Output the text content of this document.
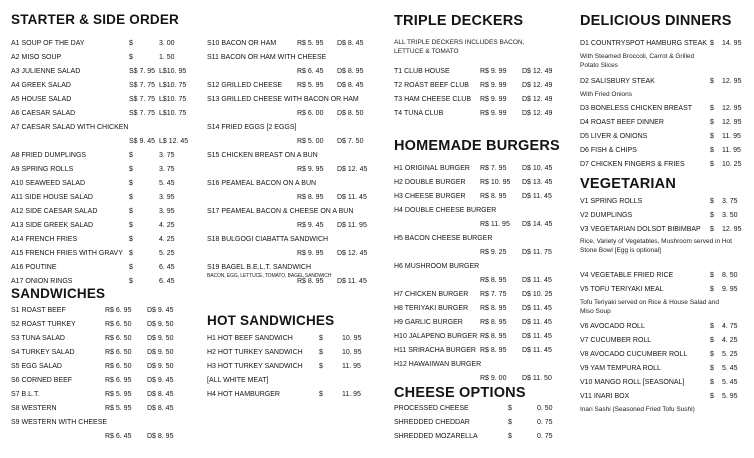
STARTER & SIDE ORDER
A1 SOUP OF THE DAY	$	3. 00
A2 MISO SOUP	$	1. 50
A3 JULIENNE SALAD	S$ 7. 95 L$10. 95
A4 GREEK SALAD	S$ 7. 75 L$10. 75
A5 HOUSE SALAD	S$ 7. 75 L$10. 75
A6 CAESAR SALAD	S$ 7. 75 L$10. 75
A7 CAESAR SALAD WITH CHICKEN
S$ 9. 45 L$ 12. 45
A8 FRIED DUMPLINGS	$	3. 75
A9 SPRING ROLLS	$	3. 75
A10 SEAWEED SALAD	$	5. 45
A11 SIDE HOUSE SALAD	$	3. 95
A12 SIDE CAESAR SALAD	$	3. 95
A13 SIDE GREEK SALAD	$	4. 25
A14 FRENCH FRIES	$	4. 25
A15 FRENCH FRIES WITH GRAVY $	5. 25
A16 POUTINE	$	6. 45
A17 ONION RINGS	$	6. 45
SANDWICHES
S1 ROAST BEEF	R$ 6. 95 D$ 9. 45
S2 ROAST TURKEY	R$ 6. 50 D$ 9. 50
S3 TUNA SALAD	R$ 6. 50 D$ 9. 50
S4 TURKEY SALAD	R$ 6. 50 D$ 9. 50
S5 EGG SALAD	R$ 6. 50 D$ 9. 50
S6 CORNED BEEF	R$ 6. 95 D$ 9. 45
S7 B.L.T.	R$ 5. 95 D$ 8. 45
S8 WESTERN	R$ 5. 95 D$ 8. 45
S9 WESTERN WITH CHEESE
R$ 6. 45 D$ 8. 95
S10 BACON OR HAM	R$ 5. 95 D$ 8. 45
S11 BACON OR HAM WITH CHEESE
R$ 6. 45 D$ 8. 95
S12 GRILLED CHEESE R$ 5. 95 D$ 8. 45
S13 GRILLED CHEESE WITH BACON OR HAM
R$ 6. 00 D$ 8. 50
S14 FRIED EGGS [2 EGGS]
R$ 5. 00 D$ 7. 50
S15 CHICKEN BREAST ON A BUN
R$ 9. 95 D$ 12. 45
S16 PEAMEAL BACON ON A BUN
R$ 8. 95 D$ 11. 45
S17 PEAMEAL BACON & CHEESE ON A BUN
R$ 9. 45 D$ 11. 95
S18 BULGOGI CIABATTA SANDWICH
R$ 9. 95 D$ 12. 45
S19 BAGEL B.E.L.T. SANDWICH
R$ 8. 95 D$ 11. 45
BACON, EGG, LETTUCE, TOMATO, BAGEL SANDWICH
HOT SANDWICHES
H1 HOT BEEF SANDWICH	$	10. 95
H2 HOT TURKEY SANDWICH $	10. 95
H3 HOT TURKEY SANDWICH $	11. 95
[ALL WHITE MEAT]
H4 HOT HAMBURGER	$	11. 95
TRIPLE DECKERS
ALL TRIPLE DECKERS INCLUDES BACON, LETTUCE & TOMATO
T1 CLUB HOUSE	R$ 9. 99 D$ 12. 49
T2 ROAST BEEF CLUB R$ 9. 99 D$ 12. 49
T3 HAM CHEESE CLUB R$ 9. 99 D$ 12. 49
T4 TUNA CLUB	R$ 9. 99 D$ 12. 49
HOMEMADE BURGERS
H1 ORIGINAL BURGER R$ 7. 95 D$ 10. 45
H2 DOUBLE BURGER R$ 10. 95 D$ 13. 45
H3 CHEESE BURGER R$ 8. 95 D$ 11. 45
H4 DOUBLE CHEESE BURGER
R$ 11. 95 D$ 14. 45
H5 BACON CHEESE BURGER
R$ 9. 25 D$ 11. 75
H6 MUSHROOM BURGER
R$ 8. 95 D$ 11. 45
H7 CHICKEN BURGER R$ 7. 75 D$ 10. 25
H8 TERIYAKI BURGER R$ 8. 95 D$ 11. 45
H9 GARLIC BURGER R$ 8. 95 D$ 11. 45
H10 JALAPENO BURGER R$ 8. 95 D$ 11. 45
H11 SRIRACHA BURGER R$ 8. 95 D$ 11. 45
H12 HAWAIIWAN BURGER
R$ 9. 00 D$ 11. 50
CHEESE OPTIONS
PROCESSED CHEESE	$	0. 50
SHREDDED CHEDDAR	$	0. 75
SHREDDED MOZARELLA	$	0. 75
DELICIOUS DINNERS
D1 COUNTRYSPOT HAMBURG STEAK $ 14. 95
With Steamed Broccoli, Carrot & Grilled Potato Slices
D2 SALISBURY STEAK	$ 12. 95
With Fried Onions
D3 BONELESS CHICKEN BREAST	$ 12. 95
D4 ROAST BEEF DINNER	$ 12. 95
D5 LIVER & ONIONS	$ 11. 95
D6 FISH & CHIPS	$ 11. 95
D7 CHICKEN FINGERS & FRIES	$ 10. 25
VEGETARIAN
V1 SPRING ROLLS	$ 3. 75
V2 DUMPLINGS	$ 3. 50
V3 VEGETARIAN DOLSOT BIBIMBAP $ 12. 95
Rice, Variety of Vegetables, Mushroom served in Hot Stone Bowl [Egg is optional]
V4 VEGETABLE FRIED RICE	$ 8. 50
V5 TOFU TERIYAKI MEAL	$ 9. 95
Tofu Teriyaki served on Rice & House Salad and Miso Soup
V6 AVOCADO ROLL	$ 4. 75
V7 CUCUMBER ROLL	$ 4. 25
V8 AVOCADO CUCUMBER ROLL	$ 5. 25
V9 YAM TEMPURA ROLL	$ 5. 45
V10 MANGO ROLL [SEASONAL]	$ 5. 45
V11 INARI BOX	$ 5. 95
Inari Sashi (Seasoned Fried Tofu Sushi)
